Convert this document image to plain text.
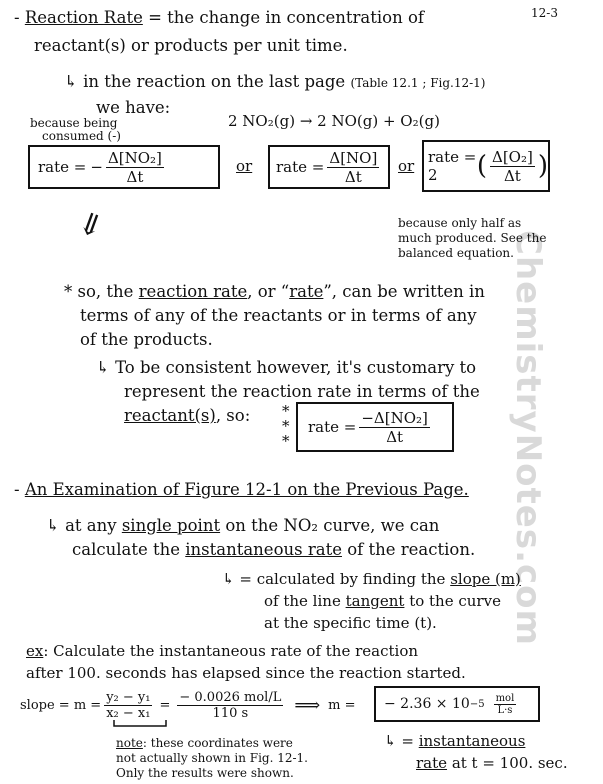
12-3
ChemistryNotes.com
- Reaction Rate = the change in concentration of
reactant(s) or products per unit time.
↳ in the reaction on the last page (Table 12.1 ; Fig.12-1)
we have:
2 NO₂(g) → 2 NO(g) + O₂(g)
because being
consumed (-)
rate = − $\frac{\text{Δ[NO₂]}}{\Delta t}$	or rate = $\frac{\Delta[NO]}{\Delta t}$ or rate = 2	( $\frac{\text{Δ[O₂]}}{\Delta t}$ )
because only half as
much produced. See the
balanced equation.
⇓
* so, the reaction rate, or “rate”, can be written in
terms of any of the reactants or in terms of any
of the products.
↳ To be consistent however, it's customary to
represent the reaction rate in terms of the
reactant(s), so: *
*
*
rate = $\frac{\text{−Δ[NO₂]}}{\Delta t}$
- An Examination of Figure 12-1 on the Previous Page.
↳ at any single point on the NO₂ curve, we can
calculate the instantaneous rate of the reaction.
↳ = calculated by finding the slope (m)
of the line tangent to the curve
at the specific time (t).
ex: Calculate the instantaneous rate of the reaction
after 100. seconds has elapsed since the reaction started.
slope = $m = \frac{\text{y₂ − y₁}}{\text{x₂ − x₁}} = \frac{\text{− 0.0026 mol/L}}{110 s}$ ⟹ m = − $2.36 \times 10 -5 \frac{\text{mol}}{L\cdot s}$
note: these coordinates were
not actually shown in Fig. 12-1.
Only the results were shown.
↳ = instantaneous
rate at t = 100. sec.
